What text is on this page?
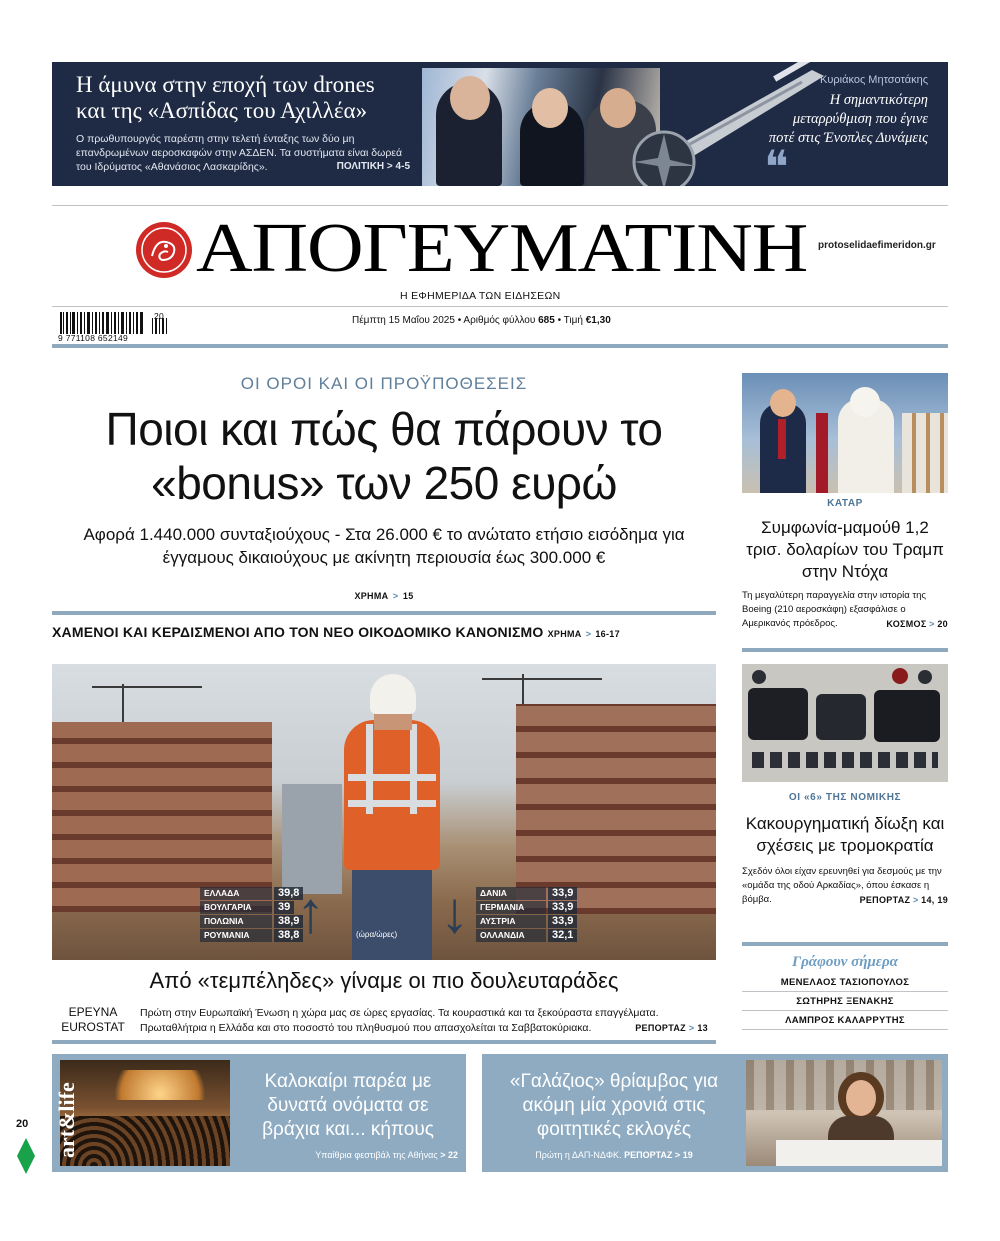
Η άμυνα στην εποχή των drones και της «Ασπίδας του Αχιλλέα»
Ο πρωθυπουργός παρέστη στην τελετή ένταξης των δύο μη επανδρωμένων αεροσκαφών στην ΑΣΔΕΝ. Τα συστήματα είναι δωρεά του Ιδρύματος «Αθανάσιος Λασκαρίδης».	ΠΟΛΙΤΙΚΗ > 4-5	❝
Κυριάκος Μητσοτάκης
Η σημαντικότερη μεταρρύθμιση που έγινε ποτέ στις Ένοπλες Δυνάμεις
ΑΠΟΓΕΥΜΑΤΙΝΗ	protoselidaefimeridon.gr
Η ΕΦΗΜΕΡΙΔΑ ΤΩΝ ΕΙΔΗΣΕΩΝ
9 771108 652149
20	Πέμπτη 15 Μαΐου 2025 • Αριθμός φύλλου 685 • Τιμή €1,30
ΟΙ ΟΡΟΙ ΚΑΙ ΟΙ ΠΡΟΫΠΟΘΕΣΕΙΣ
Ποιοι και πώς θα πάρουν το «bonus» των 250 ευρώ
Αφορά 1.440.000 συνταξιούχους - Στα 26.000 € το ανώτατο ετήσιο εισόδημα για έγγαμους δικαιούχους με ακίνητη περιουσία έως 300.000 €
ΧΡΗΜΑ > 15
ΧΑΜΕΝΟΙ ΚΑΙ ΚΕΡΔΙΣΜΕΝΟΙ ΑΠΟ ΤΟΝ ΝΕΟ ΟΙΚΟΔΟΜΙΚΟ ΚΑΝΟΝΙΣΜΟ ΧΡΗΜΑ > 16-17
ΕΛΛΑΔΑ	39,8
ΒΟΥΛΓΑΡΙΑ	39
ΠΟΛΩΝΙΑ	38,9
ΡΟΥΜΑΝΙΑ	38,8
↑	(ώρα/ώρες) ↓	ΔΑΝΙΑ	33,9
ΓΕΡΜΑΝΙΑ	33,9
ΑΥΣΤΡΙΑ	33,9
ΟΛΛΑΝΔΙΑ	32,1
Από «τεμπέληδες» γίναμε οι πιο δουλευταράδες
ΕΡΕΥΝΑ
EUROSTAT
Πρώτη στην Ευρωπαϊκή Ένωση η χώρα μας σε ώρες εργασίας. Τα κουραστικά και τα ξεκούραστα επαγγέλματα.
Πρωταθλήτρια η Ελλάδα και στο ποσοστό του πληθυσμού που απασχολείται τα Σαββατοκύριακα.	ΡΕΠΟΡΤΑΖ > 13
ΚΑΤΑΡ
Συμφωνία-μαμούθ 1,2 τρισ. δολαρίων του Τραμπ στην Ντόχα
Τη μεγαλύτερη παραγγελία στην ιστορία της Boeing (210 αεροσκάφη) εξασφάλισε ο Αμερικανός πρόεδρος.	ΚΟΣΜΟΣ > 20
ΟΙ «6» ΤΗΣ ΝΟΜΙΚΗΣ
Κακουργηματική δίωξη και σχέσεις με τρομοκρατία
Σχεδόν όλοι είχαν ερευνηθεί για δεσμούς με την «ομάδα της οδού Αρκαδίας», όπου έσκασε η βόμβα.	ΡΕΠΟΡΤΑΖ > 14, 19
Γράφουν σήμερα
ΜΕΝΕΛΑΟΣ ΤΑΣΙΟΠΟΥΛΟΣ
ΣΩΤΗΡΗΣ ΞΕΝΑΚΗΣ
ΛΑΜΠΡΟΣ ΚΑΛΑΡΡΥΤΗΣ
art&life
Καλοκαίρι παρέα με δυνατά ονόματα σε βράχια και... κήπους
Υπαίθρια φεστιβάλ της Αθήνας > 22
«Γαλάζιος» θρίαμβος για ακόμη μία χρονιά στις φοιτητικές εκλογές
Πρώτη η ΔΑΠ-ΝΔΦΚ. ΡΕΠΟΡΤΑΖ > 19
20
